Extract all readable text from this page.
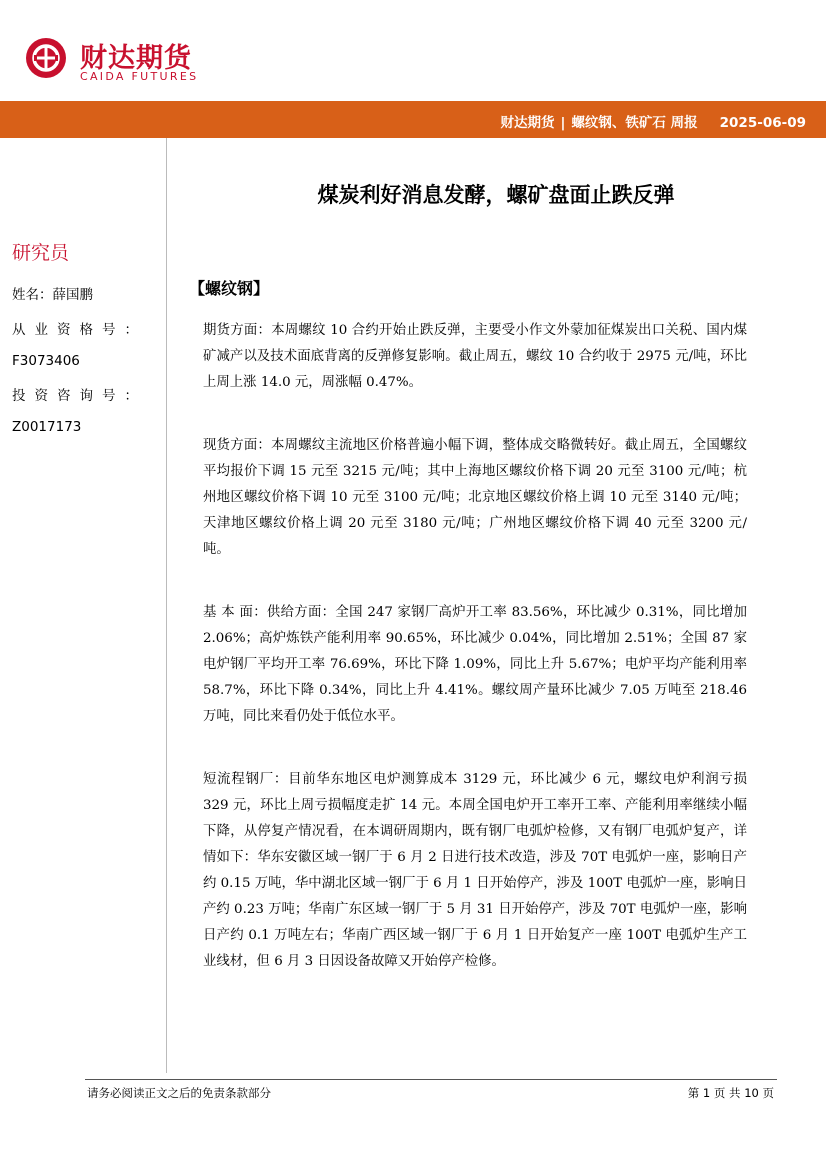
财达期货
CAIDA FUTURES
财达期货 | 螺纹钢、铁矿石 周报 2025-06-09
研究员
姓名：薛国鹏
从业资格号：
F3073406
投资咨询号：
Z0017173
煤炭利好消息发酵，螺矿盘面止跌反弹
【螺纹钢】
期货方面：本周螺纹 10 合约开始止跌反弹，主要受小作文外蒙加征煤炭出口关税、国内煤矿减产以及技术面底背离的反弹修复影响。截止周五，螺纹 10 合约收于 2975 元/吨，环比上周上涨 14.0 元，周涨幅 0.47%。
现货方面：本周螺纹主流地区价格普遍小幅下调，整体成交略微转好。截止周五，全国螺纹平均报价下调 15 元至 3215 元/吨；其中上海地区螺纹价格下调 20 元至 3100 元/吨；杭州地区螺纹价格下调 10 元至 3100 元/吨；北京地区螺纹价格上调 10 元至 3140 元/吨；天津地区螺纹价格上调 20 元至 3180 元/吨；广州地区螺纹价格下调 40 元至 3200 元/吨。
基 本 面：供给方面：全国 247 家钢厂高炉开工率 83.56%，环比减少 0.31%，同比增加 2.06%；高炉炼铁产能利用率 90.65%，环比减少 0.04%，同比增加 2.51%；全国 87 家电炉钢厂平均开工率 76.69%，环比下降 1.09%，同比上升 5.67%；电炉平均产能利用率 58.7%，环比下降 0.34%，同比上升 4.41%。螺纹周产量环比减少 7.05 万吨至 218.46 万吨，同比来看仍处于低位水平。
短流程钢厂：目前华东地区电炉测算成本 3129 元，环比减少 6 元，螺纹电炉利润亏损 329 元，环比上周亏损幅度走扩 14 元。本周全国电炉开工率开工率、产能利用率继续小幅下降，从停复产情况看，在本调研周期内，既有钢厂电弧炉检修，又有钢厂电弧炉复产，详情如下：华东安徽区域一钢厂于 6 月 2 日进行技术改造，涉及 70T 电弧炉一座，影响日产约 0.15 万吨，华中湖北区域一钢厂于 6 月 1 日开始停产，涉及 100T 电弧炉一座，影响日产约 0.23 万吨；华南广东区域一钢厂于 5 月 31 日开始停产，涉及 70T 电弧炉一座，影响日产约 0.1 万吨左右；华南广西区域一钢厂于 6 月 1 日开始复产一座 100T 电弧炉生产工业线材，但 6 月 3 日因设备故障又开始停产检修。
请务必阅读正文之后的免责条款部分	第 1 页 共 10 页
